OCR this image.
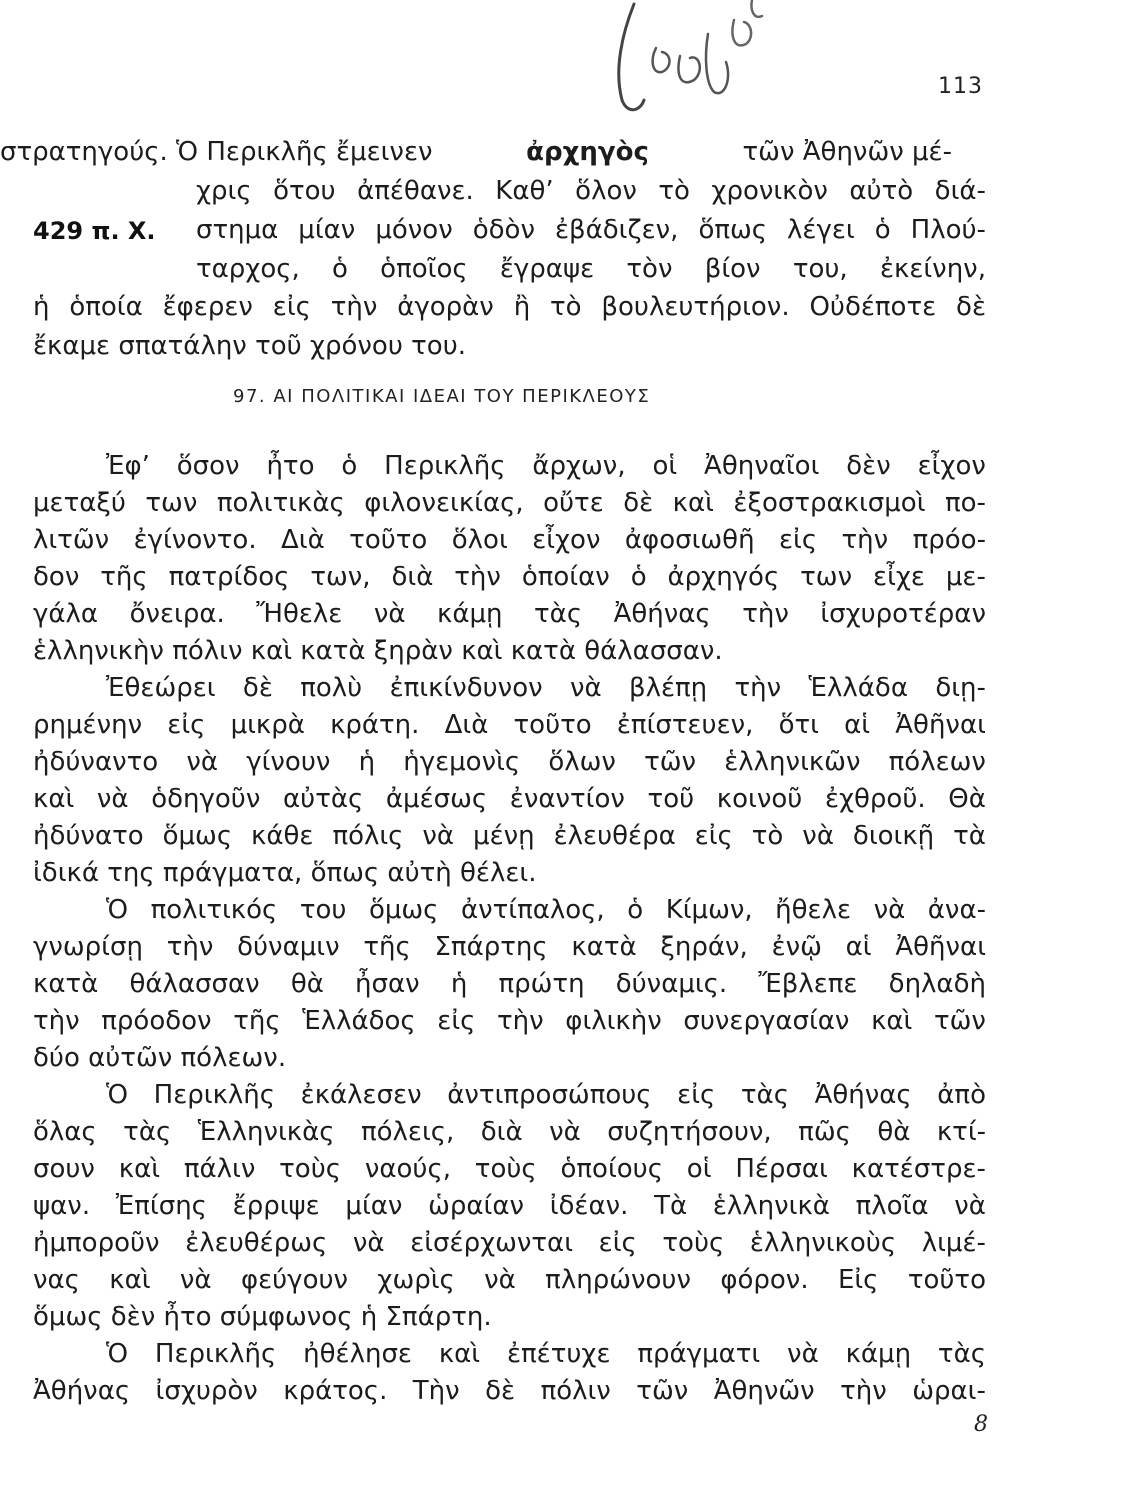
113
στρατηγούς. Ὁ Περικλῆς ἔμεινεν	ἀρχηγὸς	τῶν Ἀθηνῶν μέ-
χρις ὅτου ἀπέθανε. Καθ’ ὅλον τὸ χρονικὸν αὐτὸ διά-
429 π. Χ. στημα μίαν μόνον ὁδὸν ἐβάδιζεν, ὅπως λέγει ὁ Πλού-
ταρχος, ὁ ὁποῖος ἔγραψε τὸν βίον του, ἐκείνην,
ἡ ὁποία ἔφερεν εἰς τὴν ἀγορὰν ἢ τὸ βουλευτήριον. Οὐδέποτε δὲ
ἔκαμε σπατάλην τοῦ χρόνου του.
97. ΑΙ ΠΟΛΙΤΙΚΑΙ ΙΔΕΑΙ ΤΟΥ ΠΕΡΙΚΛΕΟΥΣ
Ἐφ’ ὅσον ἦτο ὁ Περικλῆς ἄρχων, οἱ Ἀθηναῖοι δὲν εἶχον
μεταξύ των πολιτικὰς φιλονεικίας, οὔτε δὲ καὶ ἐξοστρακισμοὶ πο-
λιτῶν ἐγίνοντο. Διὰ τοῦτο ὅλοι εἶχον ἀφοσιωθῆ εἰς τὴν πρόο-
δον τῆς πατρίδος των, διὰ τὴν ὁποίαν ὁ ἀρχηγός των εἶχε με-
γάλα ὄνειρα. Ἤθελε νὰ κάμῃ τὰς Ἀθήνας τὴν ἰσχυροτέραν
ἑλληνικὴν πόλιν καὶ κατὰ ξηρὰν καὶ κατὰ θάλασσαν.
Ἐθεώρει δὲ πολὺ ἐπικίνδυνον νὰ βλέπῃ τὴν Ἑλλάδα διῃ-
ρημένην εἰς μικρὰ κράτη. Διὰ τοῦτο ἐπίστευεν, ὅτι αἱ Ἀθῆναι
ἠδύναντο νὰ γίνουν ἡ ἡγεμονὶς ὅλων τῶν ἑλληνικῶν πόλεων
καὶ νὰ ὁδηγοῦν αὐτὰς ἀμέσως ἐναντίον τοῦ κοινοῦ ἐχθροῦ. Θὰ
ἠδύνατο ὅμως κάθε πόλις νὰ μένῃ ἐλευθέρα εἰς τὸ νὰ διοικῇ τὰ
ἰδικά της πράγματα, ὅπως αὐτὴ θέλει.
Ὁ πολιτικός του ὅμως ἀντίπαλος, ὁ Κίμων, ἤθελε νὰ ἀνα-
γνωρίσῃ τὴν δύναμιν τῆς Σπάρτης κατὰ ξηράν, ἐνῷ αἱ Ἀθῆναι
κατὰ θάλασσαν θὰ ἦσαν ἡ πρώτη δύναμις. Ἔβλεπε δηλαδὴ
τὴν πρόοδον τῆς Ἑλλάδος εἰς τὴν φιλικὴν συνεργασίαν καὶ τῶν
δύο αὐτῶν πόλεων.
Ὁ Περικλῆς ἐκάλεσεν ἀντιπροσώπους εἰς τὰς Ἀθήνας ἀπὸ
ὅλας τὰς Ἑλληνικὰς πόλεις, διὰ νὰ συζητήσουν, πῶς θὰ κτί-
σουν καὶ πάλιν τοὺς ναούς, τοὺς ὁποίους οἱ Πέρσαι κατέστρε-
ψαν. Ἐπίσης ἔρριψε μίαν ὡραίαν ἰδέαν. Τὰ ἑλληνικὰ πλοῖα νὰ
ἠμποροῦν ἐλευθέρως νὰ εἰσέρχωνται εἰς τοὺς ἑλληνικοὺς λιμέ-
νας καὶ νὰ φεύγουν χωρὶς νὰ πληρώνουν φόρον. Εἰς τοῦτο
ὅμως δὲν ἦτο σύμφωνος ἡ Σπάρτη.
Ὁ Περικλῆς ἠθέλησε καὶ ἐπέτυχε πράγματι νὰ κάμῃ τὰς
Ἀθήνας ἰσχυρὸν κράτος. Τὴν δὲ πόλιν τῶν Ἀθηνῶν τὴν ὡραι-
8
